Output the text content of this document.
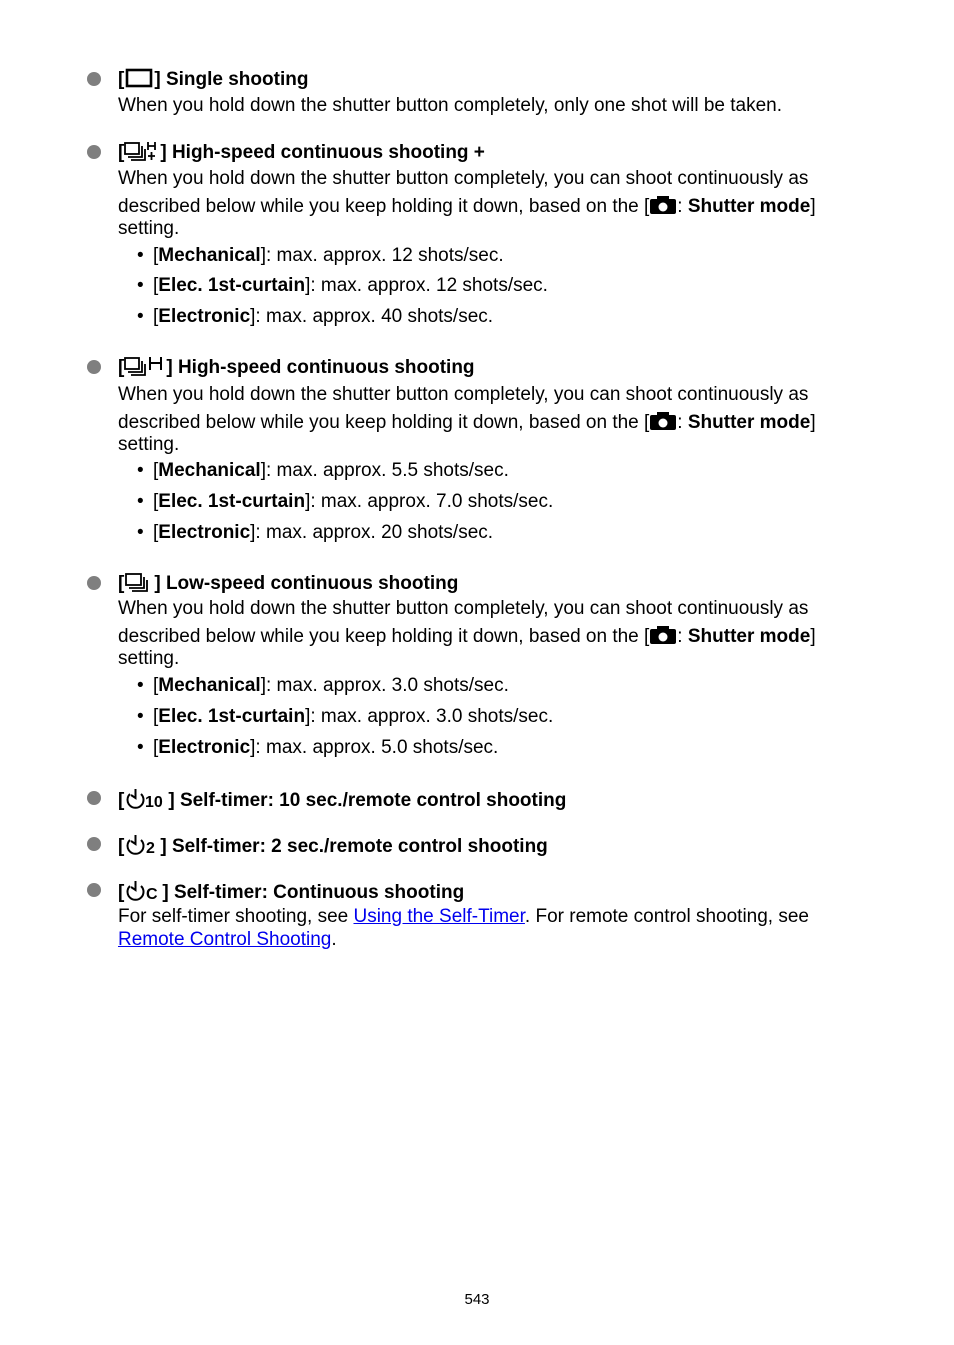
[ ] Single shooting
When you hold down the shutter button completely, only one shot will be taken.
[ ] High-speed continuous shooting +
When you hold down the shutter button completely, you can shoot continuously as
described below while you keep holding it down, based on the [ : Shutter mode]
setting.
• [Mechanical]: max. approx. 12 shots/sec.
• [Elec. 1st-curtain]: max. approx. 12 shots/sec.
• [Electronic]: max. approx. 40 shots/sec.
[ ] High-speed continuous shooting
When you hold down the shutter button completely, you can shoot continuously as
described below while you keep holding it down, based on the [ : Shutter mode]
setting.
• [Mechanical]: max. approx. 5.5 shots/sec.
• [Elec. 1st-curtain]: max. approx. 7.0 shots/sec.
• [Electronic]: max. approx. 20 shots/sec.
[ ] Low-speed continuous shooting
When you hold down the shutter button completely, you can shoot continuously as
described below while you keep holding it down, based on the [ : Shutter mode]
setting.
• [Mechanical]: max. approx. 3.0 shots/sec.
• [Elec. 1st-curtain]: max. approx. 3.0 shots/sec.
• [Electronic]: max. approx. 5.0 shots/sec.
[ 10 ] Self-timer: 10 sec./remote control shooting
[ 2 ] Self-timer: 2 sec./remote control shooting
[ C ] Self-timer: Continuous shooting
For self-timer shooting, see Using the Self-Timer. For remote control shooting, see
Remote Control Shooting.
543
